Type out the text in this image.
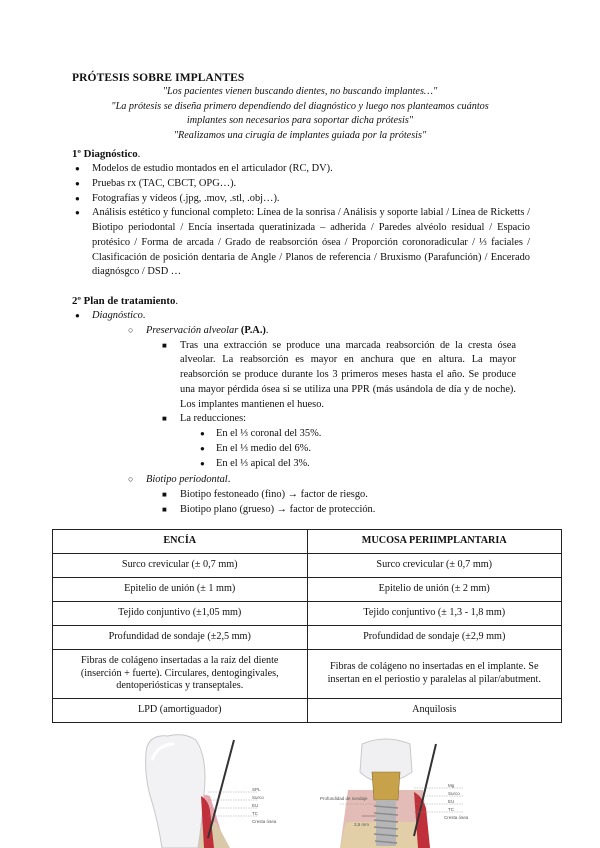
PRÓTESIS SOBRE IMPLANTES
"Los pacientes vienen buscando dientes, no buscando implantes…"
"La prótesis se diseña primero dependiendo del diagnóstico y luego nos planteamos cuántos
implantes son necesarios para soportar dicha prótesis"
"Realizamos una cirugía de implantes guiada por la prótesis"
1º Diagnóstico.
● Modelos de estudio montados en el articulador (RC, DV).
● Pruebas rx (TAC, CBCT, OPG…).
● Fotografías y vídeos (.jpg, .mov, .stl, .obj…).
● Análisis estético y funcional completo: Línea de la sonrisa / Análisis y soporte labial / Línea de Ricketts / Biotipo periodontal / Encía insertada queratinizada – adherida / Paredes alvéolo residual / Espacio protésico / Forma de arcada / Grado de reabsorción ósea / Proporción coronoradicular / ⅓ faciales / Clasificación de posición dentaria de Angle / Planos de referencia / Bruxismo (Parafunción) / Encerado diagnósgco / DSD …
2º Plan de tratamiento.
● Diagnóstico.
○ Preservación alveolar (P.A.).
■ Tras una extracción se produce una marcada reabsorción de la cresta ósea alveolar. La reabsorción es mayor en anchura que en altura. La mayor reabsorción se produce durante los 3 primeros meses hasta el año. Se produce una mayor pérdida ósea si se utiliza una PPR (más usándola de día y de noche). Los implantes mantienen el hueso.
■ La reducciones:
● En el ⅓ coronal del 35%.
● En el ⅓ medio del 6%.
● En el ⅓ apical del 3%.
○ Biotipo periodontal.
■ Biotipo festoneado (fino) → factor de riesgo.
■ Biotipo plano (grueso) → factor de protección.
ENCÍA	MUCOSA PERIIMPLANTARIA
Surco crevicular (± 0,7 mm)	Surco crevicular (± 0,7 mm)
Epitelio de unión (± 1 mm)	Epitelio de unión (± 2 mm)
Tejido conjuntivo (±1,05 mm)	Tejido conjuntivo (± 1,3 - 1,8 mm)
Profundidad de sondaje (±2,5 mm)	Profundidad de sondaje (±2,9 mm)
Fibras de colágeno insertadas a la raíz del diente (inserción + fuerte). Circulares, dentogingivales, dentoperiósticas y transeptales.	Fibras de colágeno no insertadas en el implante. Se insertan en el periostio y paralelas al pilar/abutment.
LPD (amortiguador)	Anquilosis
SPL
Surco
EU
TC
Cresta ósea
Profundidad de sondaje
Mg
Surco
EU
TC
Cresta ósea
3,5 mm
